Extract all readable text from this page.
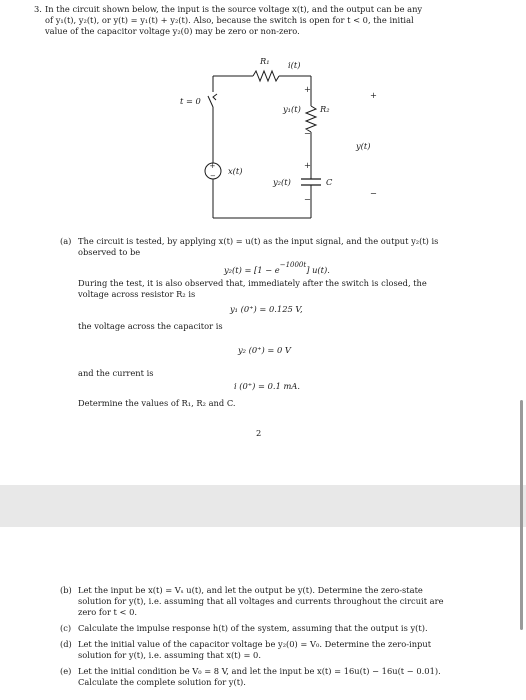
3. In the circuit shown below, the input is the source voltage x(t), and the output can be any
of y₁(t), y₂(t), or y(t) = y₁(t) + y₂(t). Also, because the switch is open for t < 0, the initial
value of the capacitor voltage y₂(0) may be zero or non-zero.
+
−
R₁ i(t)
t = 0
+
y₁(t) R₂
−
+
y(t)
−
x(t)
+
y₂(t)	C
−
(a) The circuit is tested, by applying x(t) = u(t) as the input signal, and the output y₂(t) is
observed to be
$y_2(t) = [1 - e^{-1000t}]$ u(t).
During the test, it is also observed that, immediately after the switch is closed, the
voltage across resistor R₂ is
y₁ (0⁺) = 0.125 V,
the voltage across the capacitor is
y₂ (0⁺) = 0 V
and the current is
i (0⁺) = 0.1 mA.
Determine the values of R₁, R₂ and C.
2
(b) Let the input be x(t) = Vₛ u(t), and let the output be y(t). Determine the zero-state
solution for y(t), i.e. assuming that all voltages and currents throughout the circuit are
zero for t < 0.
(c) Calculate the impulse response h(t) of the system, assuming that the output is y(t).
(d) Let the initial value of the capacitor voltage be y₂(0) = V₀. Determine the zero-input
solution for y(t), i.e. assuming that x(t) = 0.
(e) Let the initial condition be V₀ = 8 V, and let the input be x(t) = 16u(t) − 16u(t − 0.01).
Calculate the complete solution for y(t).
